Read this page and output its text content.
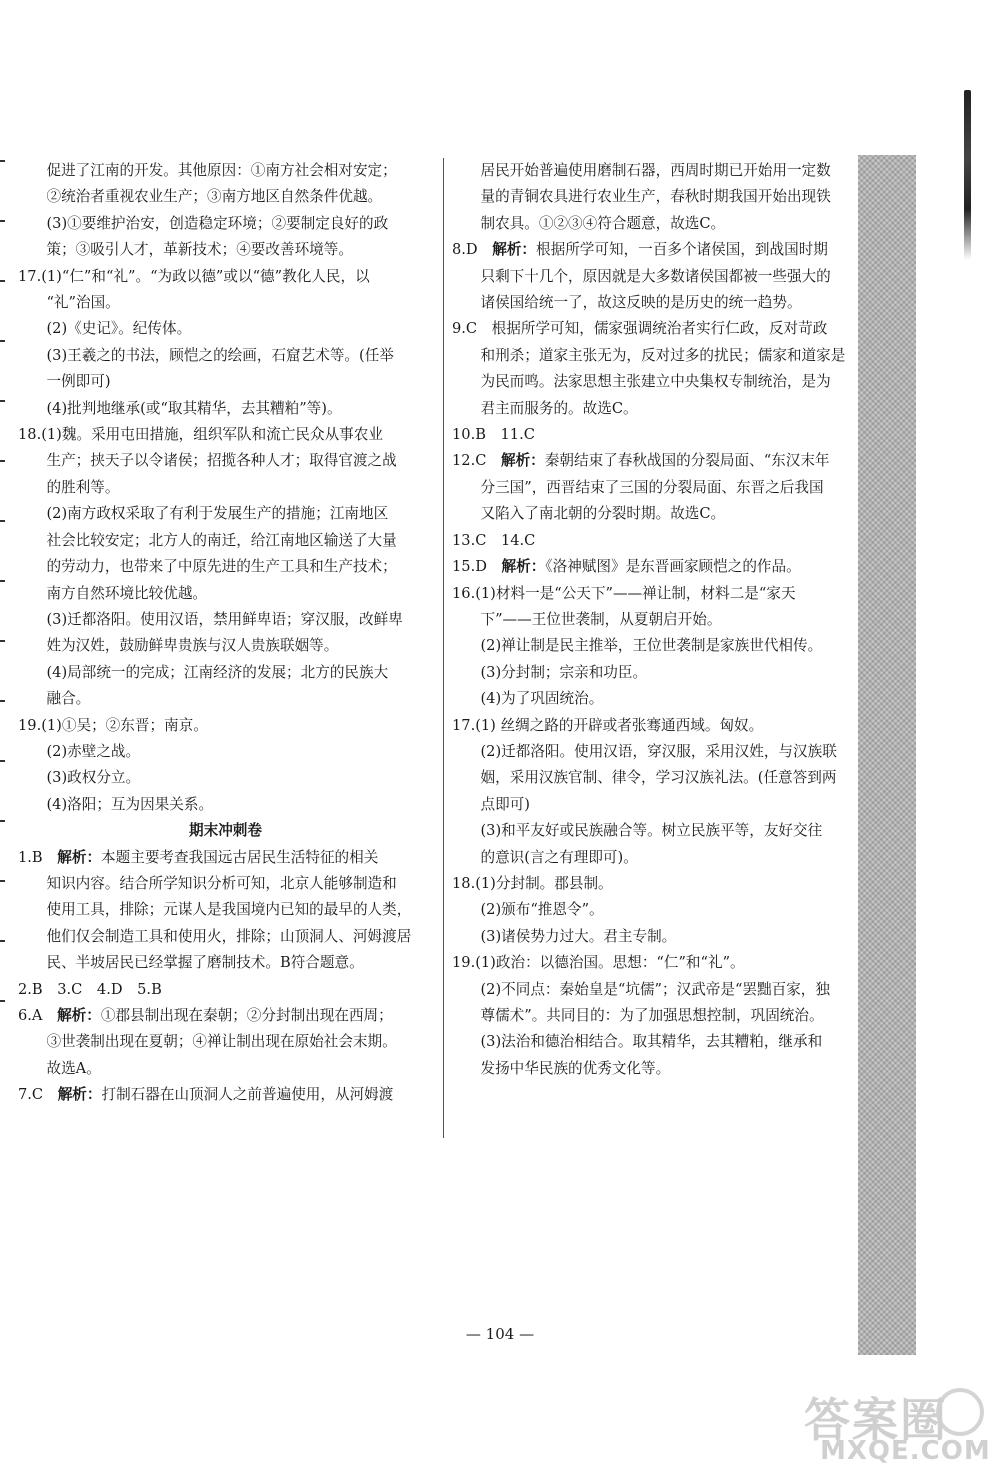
促进了江南的开发。其他原因：①南方社会相对安定；
②统治者重视农业生产；③南方地区自然条件优越。
(3)①要维护治安，创造稳定环境；②要制定良好的政
策；③吸引人才，革新技术；④要改善环境等。
17.(1)“仁”和“礼”。“为政以德”或以“德”教化人民，以
“礼”治国。
(2)《史记》。纪传体。
(3)王羲之的书法，顾恺之的绘画，石窟艺术等。(任举
一例即可)
(4)批判地继承(或“取其精华，去其糟粕”等)。
18.(1)魏。采用屯田措施，组织军队和流亡民众从事农业
生产；挟天子以令诸侯；招揽各种人才；取得官渡之战
的胜利等。
(2)南方政权采取了有利于发展生产的措施；江南地区
社会比较安定；北方人的南迁，给江南地区输送了大量
的劳动力，也带来了中原先进的生产工具和生产技术；
南方自然环境比较优越。
(3)迁都洛阳。使用汉语，禁用鲜卑语；穿汉服，改鲜卑
姓为汉姓，鼓励鲜卑贵族与汉人贵族联姻等。
(4)局部统一的完成；江南经济的发展；北方的民族大
融合。
19.(1)①吴；②东晋；南京。
(2)赤壁之战。
(3)政权分立。
(4)洛阳；互为因果关系。
期末冲刺卷
1.B　解析：本题主要考查我国远古居民生活特征的相关
知识内容。结合所学知识分析可知，北京人能够制造和
使用工具，排除；元谋人是我国境内已知的最早的人类，
他们仅会制造工具和使用火，排除；山顶洞人、河姆渡居
民、半坡居民已经掌握了磨制技术。B符合题意。
2.B　3.C　4.D　5.B
6.A　解析：①郡县制出现在秦朝；②分封制出现在西周；
③世袭制出现在夏朝；④禅让制出现在原始社会末期。
故选A。
7.C　解析：打制石器在山顶洞人之前普遍使用，从河姆渡
居民开始普遍使用磨制石器，西周时期已开始用一定数
量的青铜农具进行农业生产，春秋时期我国开始出现铁
制农具。①②③④符合题意，故选C。
8.D　解析：根据所学可知，一百多个诸侯国，到战国时期
只剩下十几个，原因就是大多数诸侯国都被一些强大的
诸侯国给统一了，故这反映的是历史的统一趋势。
9.C　根据所学可知，儒家强调统治者实行仁政，反对苛政
和刑杀；道家主张无为，反对过多的扰民；儒家和道家是
为民而鸣。法家思想主张建立中央集权专制统治，是为
君主而服务的。故选C。
10.B　11.C
12.C　解析：秦朝结束了春秋战国的分裂局面、“东汉末年
分三国”，西晋结束了三国的分裂局面、东晋之后我国
又陷入了南北朝的分裂时期。故选C。
13.C　14.C
15.D　解析：《洛神赋图》是东晋画家顾恺之的作品。
16.(1)材料一是“公天下”——禅让制，材料二是“家天
下”——王位世袭制，从夏朝启开始。
(2)禅让制是民主推举，王位世袭制是家族世代相传。
(3)分封制；宗亲和功臣。
(4)为了巩固统治。
17.(1) 丝绸之路的开辟或者张骞通西域。匈奴。
(2)迁都洛阳。使用汉语，穿汉服，采用汉姓，与汉族联
姻，采用汉族官制、律令，学习汉族礼法。(任意答到两
点即可)
(3)和平友好或民族融合等。树立民族平等，友好交往
的意识(言之有理即可)。
18.(1)分封制。郡县制。
(2)颁布“推恩令”。
(3)诸侯势力过大。君主专制。
19.(1)政治：以德治国。思想：“仁”和“礼”。
(2)不同点：秦始皇是“坑儒”；汉武帝是“罢黜百家，独
尊儒术”。共同目的：为了加强思想控制，巩固统治。
(3)法治和德治相结合。取其精华，去其糟粕，继承和
发扬中华民族的优秀文化等。
— 104 —
答案圈
MXQE.COM
